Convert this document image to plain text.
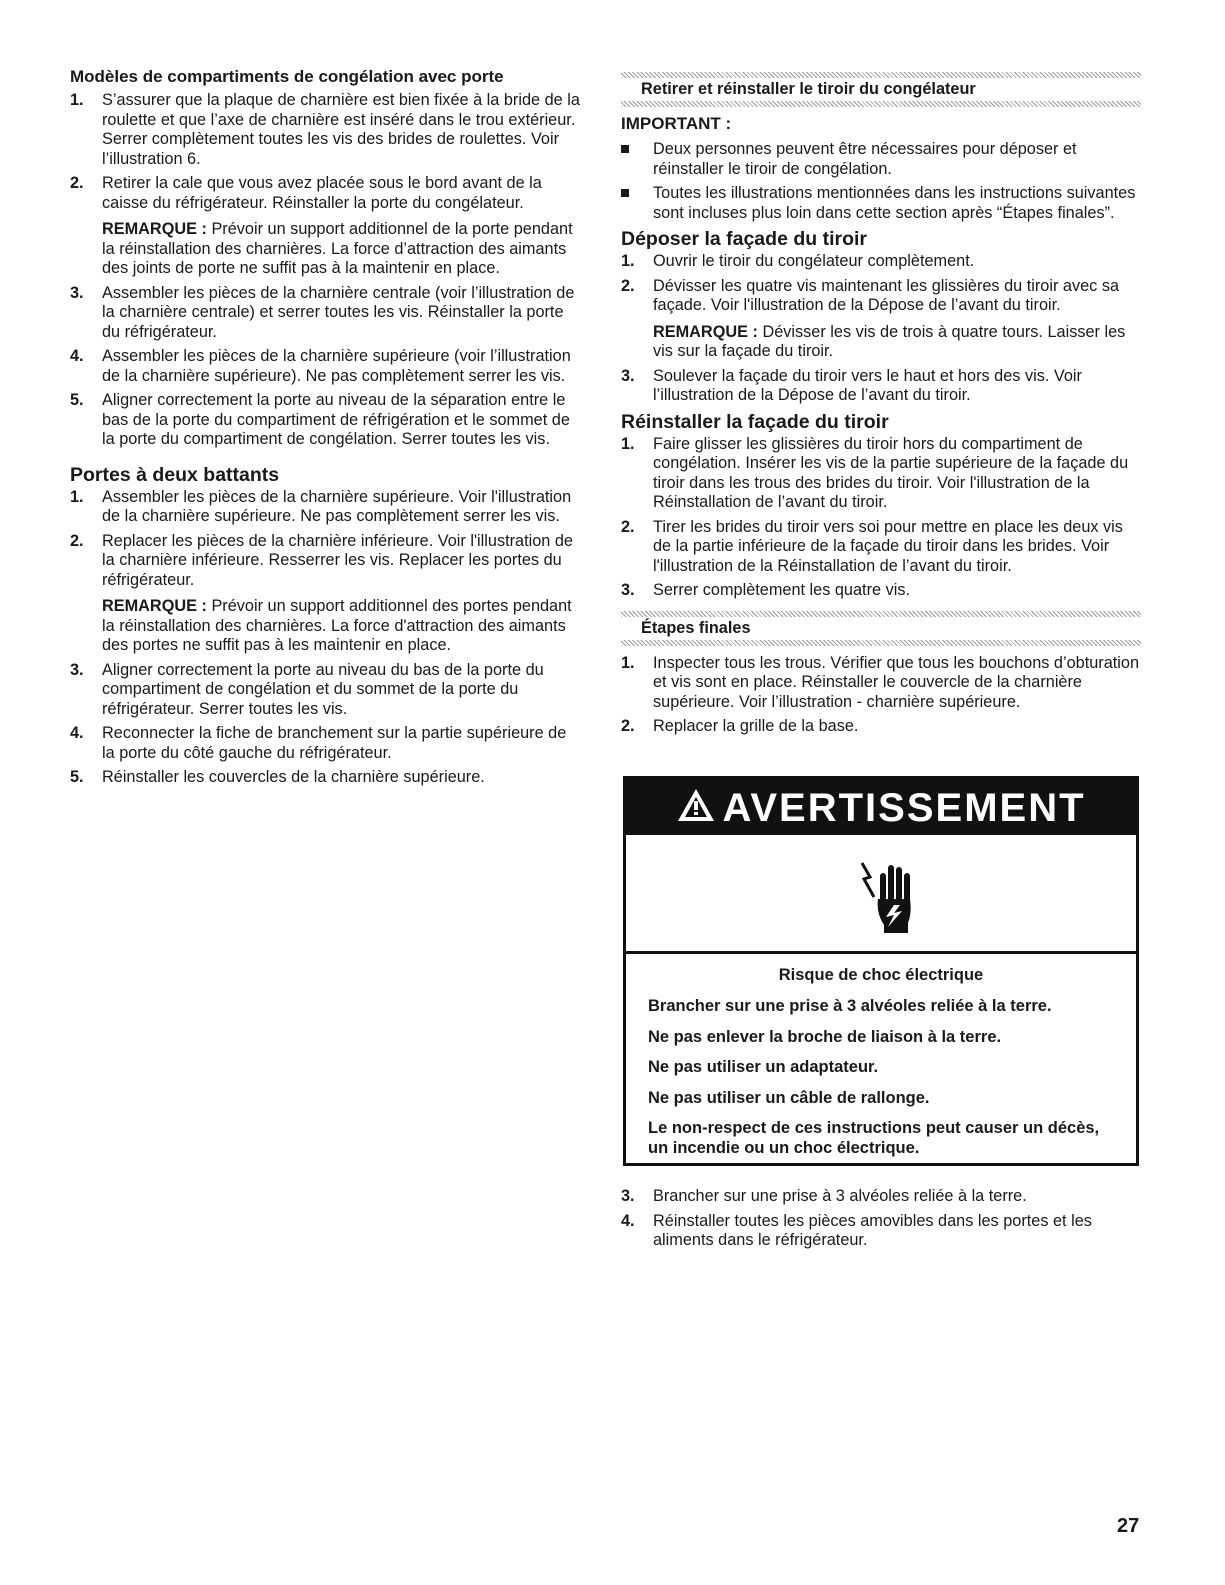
Modèles de compartiments de congélation avec porte
1. S’assurer que la plaque de charnière est bien fixée à la bride de la roulette et que l’axe de charnière est inséré dans le trou extérieur. Serrer complètement toutes les vis des brides de roulettes. Voir l’illustration 6.
2. Retirer la cale que vous avez placée sous le bord avant de la caisse du réfrigérateur. Réinstaller la porte du congélateur.
REMARQUE : Prévoir un support additionnel de la porte pendant la réinstallation des charnières. La force d’attraction des aimants des joints de porte ne suffit pas à la maintenir en place.
3. Assembler les pièces de la charnière centrale (voir l’illustration de la charnière centrale) et serrer toutes les vis. Réinstaller la porte du réfrigérateur.
4. Assembler les pièces de la charnière supérieure (voir l’illustration de la charnière supérieure). Ne pas complètement serrer les vis.
5. Aligner correctement la porte au niveau de la séparation entre le bas de la porte du compartiment de réfrigération et le sommet de la porte du compartiment de congélation. Serrer toutes les vis.
Portes à deux battants
1. Assembler les pièces de la charnière supérieure. Voir l'illustration de la charnière supérieure. Ne pas complètement serrer les vis.
2. Replacer les pièces de la charnière inférieure. Voir l'illustration de la charnière inférieure. Resserrer les vis. Replacer les portes du réfrigérateur.
REMARQUE : Prévoir un support additionnel des portes pendant la réinstallation des charnières. La force d'attraction des aimants des portes ne suffit pas à les maintenir en place.
3. Aligner correctement la porte au niveau du bas de la porte du compartiment de congélation et du sommet de la porte du réfrigérateur. Serrer toutes les vis.
4. Reconnecter la fiche de branchement sur la partie supérieure de la porte du côté gauche du réfrigérateur.
5. Réinstaller les couvercles de la charnière supérieure.
Retirer et réinstaller le tiroir du congélateur
IMPORTANT :
Deux personnes peuvent être nécessaires pour déposer et réinstaller le tiroir de congélation.
Toutes les illustrations mentionnées dans les instructions suivantes sont incluses plus loin dans cette section après “Étapes finales”.
Déposer la façade du tiroir
1. Ouvrir le tiroir du congélateur complètement.
2. Dévisser les quatre vis maintenant les glissières du tiroir avec sa façade. Voir l'illustration de la Dépose de l’avant du tiroir.
REMARQUE : Dévisser les vis de trois à quatre tours. Laisser les vis sur la façade du tiroir.
3. Soulever la façade du tiroir vers le haut et hors des vis. Voir l’illustration de la Dépose de l’avant du tiroir.
Réinstaller la façade du tiroir
1. Faire glisser les glissières du tiroir hors du compartiment de congélation. Insérer les vis de la partie supérieure de la façade du tiroir dans les trous des brides du tiroir. Voir l'illustration de la Réinstallation de l’avant du tiroir.
2. Tirer les brides du tiroir vers soi pour mettre en place les deux vis de la partie inférieure de la façade du tiroir dans les brides. Voir l'illustration de la Réinstallation de l’avant du tiroir.
3. Serrer complètement les quatre vis.
Étapes finales
1. Inspecter tous les trous. Vérifier que tous les bouchons d’obturation et vis sont en place. Réinstaller le couvercle de la charnière supérieure. Voir l’illustration - charnière supérieure.
2. Replacer la grille de la base.
AVERTISSEMENT
Risque de choc électrique

Brancher sur une prise à 3 alvéoles reliée à la terre.

Ne pas enlever la broche de liaison à la terre.

Ne pas utiliser un adaptateur.

Ne pas utiliser un câble de rallonge.

Le non-respect de ces instructions peut causer un décès, un incendie ou un choc électrique.

3. Brancher sur une prise à 3 alvéoles reliée à la terre.
4. Réinstaller toutes les pièces amovibles dans les portes et les aliments dans le réfrigérateur.
27
